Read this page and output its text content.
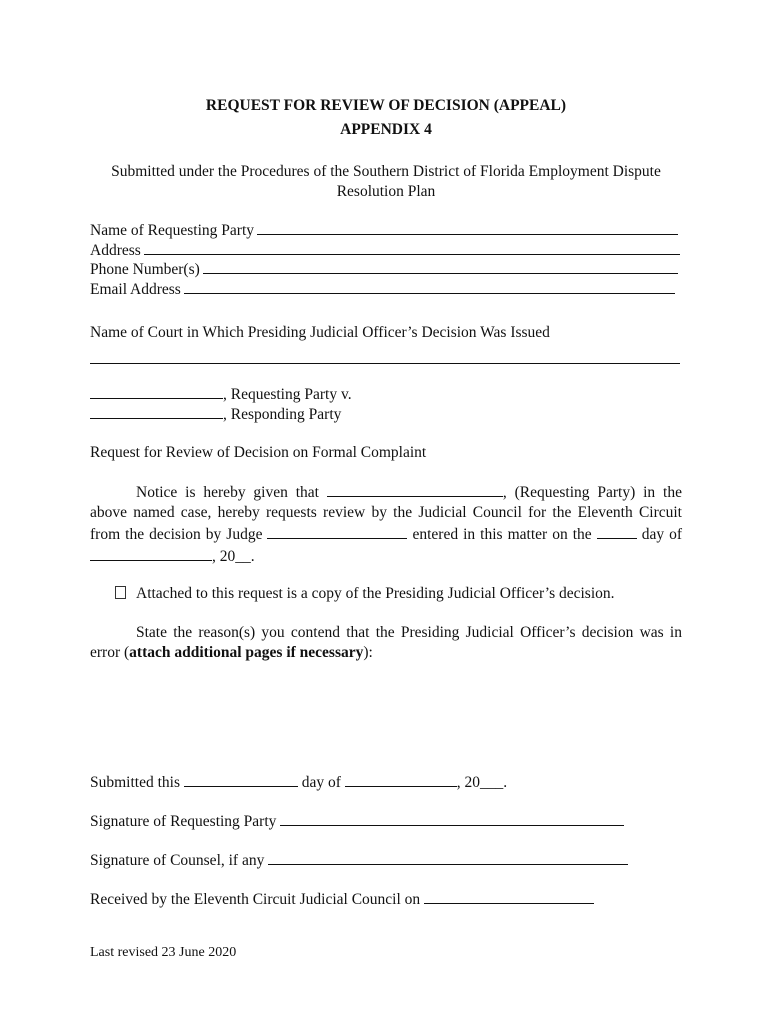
REQUEST FOR REVIEW OF DECISION (APPEAL)
APPENDIX 4
Submitted under the Procedures of the Southern District of Florida Employment Dispute
Resolution Plan
Name of Requesting Party
Address
Phone Number(s)
Email Address
Name of Court in Which Presiding Judicial Officer’s Decision Was Issued
, Requesting Party v.
, Responding Party
Request for Review of Decision on Formal Complaint
Notice is hereby given that	, (Requesting Party) in the above named case, hereby requests review by the Judicial Council for the Eleventh Circuit from the decision by Judge	entered in this matter on the	day of , 20__.
Attached to this request is a copy of the Presiding Judicial Officer’s decision.
State the reason(s) you contend that the Presiding Judicial Officer’s decision was in error (attach additional pages if necessary):
Submitted this	day of	, 20___.
Signature of Requesting Party
Signature of Counsel, if any
Received by the Eleventh Circuit Judicial Council on
Last revised 23 June 2020
